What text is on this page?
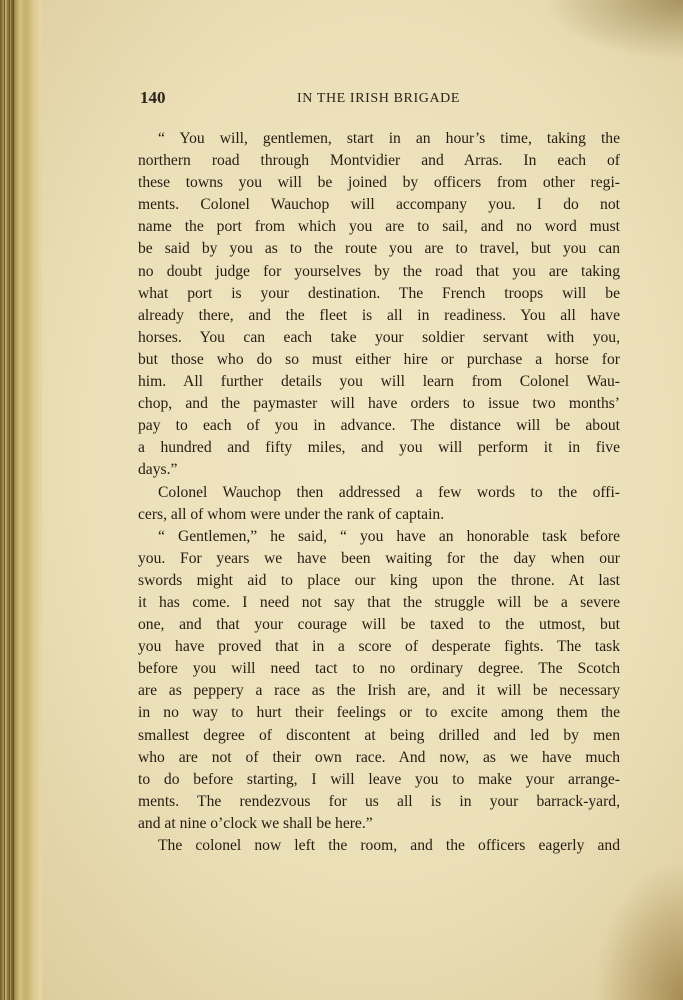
140	IN THE IRISH BRIGADE
“ You will, gentlemen, start in an hour’s time, taking the
northern road through Montvidier and Arras. In each of
these towns you will be joined by officers from other regi-
ments. Colonel Wauchop will accompany you. I do not
name the port from which you are to sail, and no word must
be said by you as to the route you are to travel, but you can
no doubt judge for yourselves by the road that you are taking
what port is your destination. The French troops will be
already there, and the fleet is all in readiness. You all have
horses. You can each take your soldier servant with you,
but those who do so must either hire or purchase a horse for
him. All further details you will learn from Colonel Wau-
chop, and the paymaster will have orders to issue two months’
pay to each of you in advance. The distance will be about
a hundred and fifty miles, and you will perform it in five
days.”
Colonel Wauchop then addressed a few words to the offi-
cers, all of whom were under the rank of captain.
“ Gentlemen,” he said, “ you have an honorable task before
you. For years we have been waiting for the day when our
swords might aid to place our king upon the throne. At last
it has come. I need not say that the struggle will be a severe
one, and that your courage will be taxed to the utmost, but
you have proved that in a score of desperate fights. The task
before you will need tact to no ordinary degree. The Scotch
are as peppery a race as the Irish are, and it will be necessary
in no way to hurt their feelings or to excite among them the
smallest degree of discontent at being drilled and led by men
who are not of their own race. And now, as we have much
to do before starting, I will leave you to make your arrange-
ments. The rendezvous for us all is in your barrack-yard,
and at nine o’clock we shall be here.”
The colonel now left the room, and the officers eagerly and
